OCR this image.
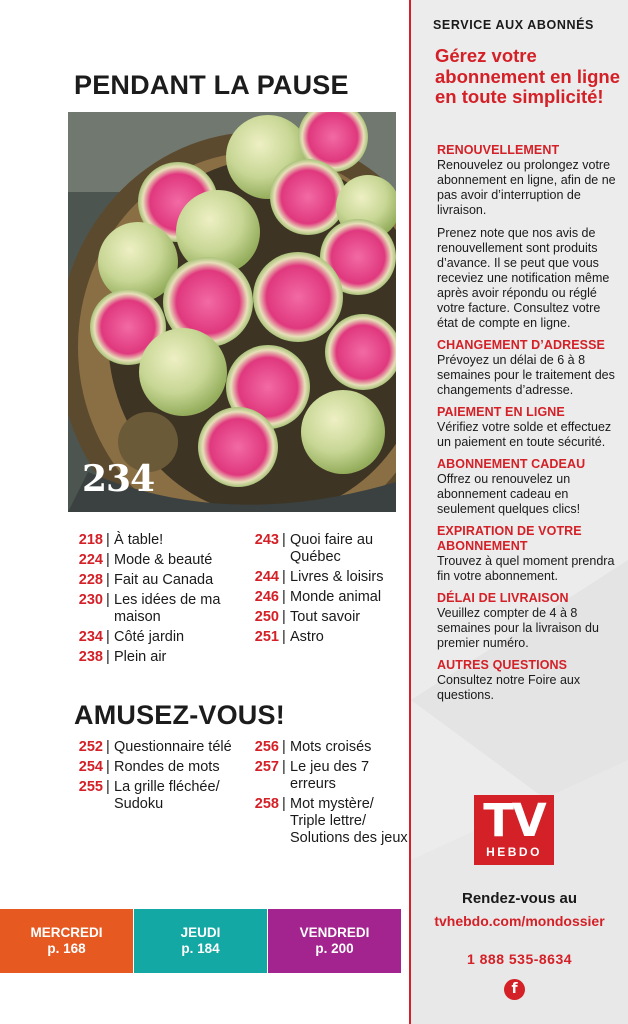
PENDANT LA PAUSE
234
218 | À table!
224 | Mode & beauté
228 | Fait au Canada
230 | Les idées de ma maison
234 | Côté jardin
238 | Plein air
243 | Quoi faire au Québec
244 | Livres & loisirs
246 | Monde animal
250 | Tout savoir
251 | Astro
AMUSEZ-VOUS!
252 | Questionnaire télé
254 | Rondes de mots
255 | La grille fléchée/ Sudoku
256 | Mots croisés
257 | Le jeu des 7 erreurs
258 | Mot mystère/ Triple lettre/ Solutions des jeux
MERCREDI
p. 168
JEUDI
p. 184
VENDREDI
p. 200
SERVICE AUX ABONNÉS
Gérez votre abonnement en ligne en toute simplicité!
RENOUVELLEMENT

Renouvelez ou prolongez votre abonnement en ligne, afin de ne pas avoir d’interruption de livraison.

Prenez note que nos avis de renouvellement sont produits d’avance. Il se peut que vous receviez une notification même après avoir répondu ou réglé votre facture. Consultez votre état de compte en ligne.

CHANGEMENT D’ADRESSE

Prévoyez un délai de 6 à 8 semaines pour le traitement des changements d’adresse.

PAIEMENT EN LIGNE

Vérifiez votre solde et effectuez un paiement en toute sécurité.

ABONNEMENT CADEAU

Offrez ou renouvelez un abonnement cadeau en seulement quelques clics!

EXPIRATION DE VOTRE ABONNEMENT

Trouvez à quel moment prendra fin votre abonnement.

DÉLAI DE LIVRAISON

Veuillez compter de 4 à 8 semaines pour la livraison du premier numéro.

AUTRES QUESTIONS

Consultez notre Foire aux questions.

TV
HEBDO
Rendez-vous au
tvhebdo.com/mondossier
1 888 535-8634
f
